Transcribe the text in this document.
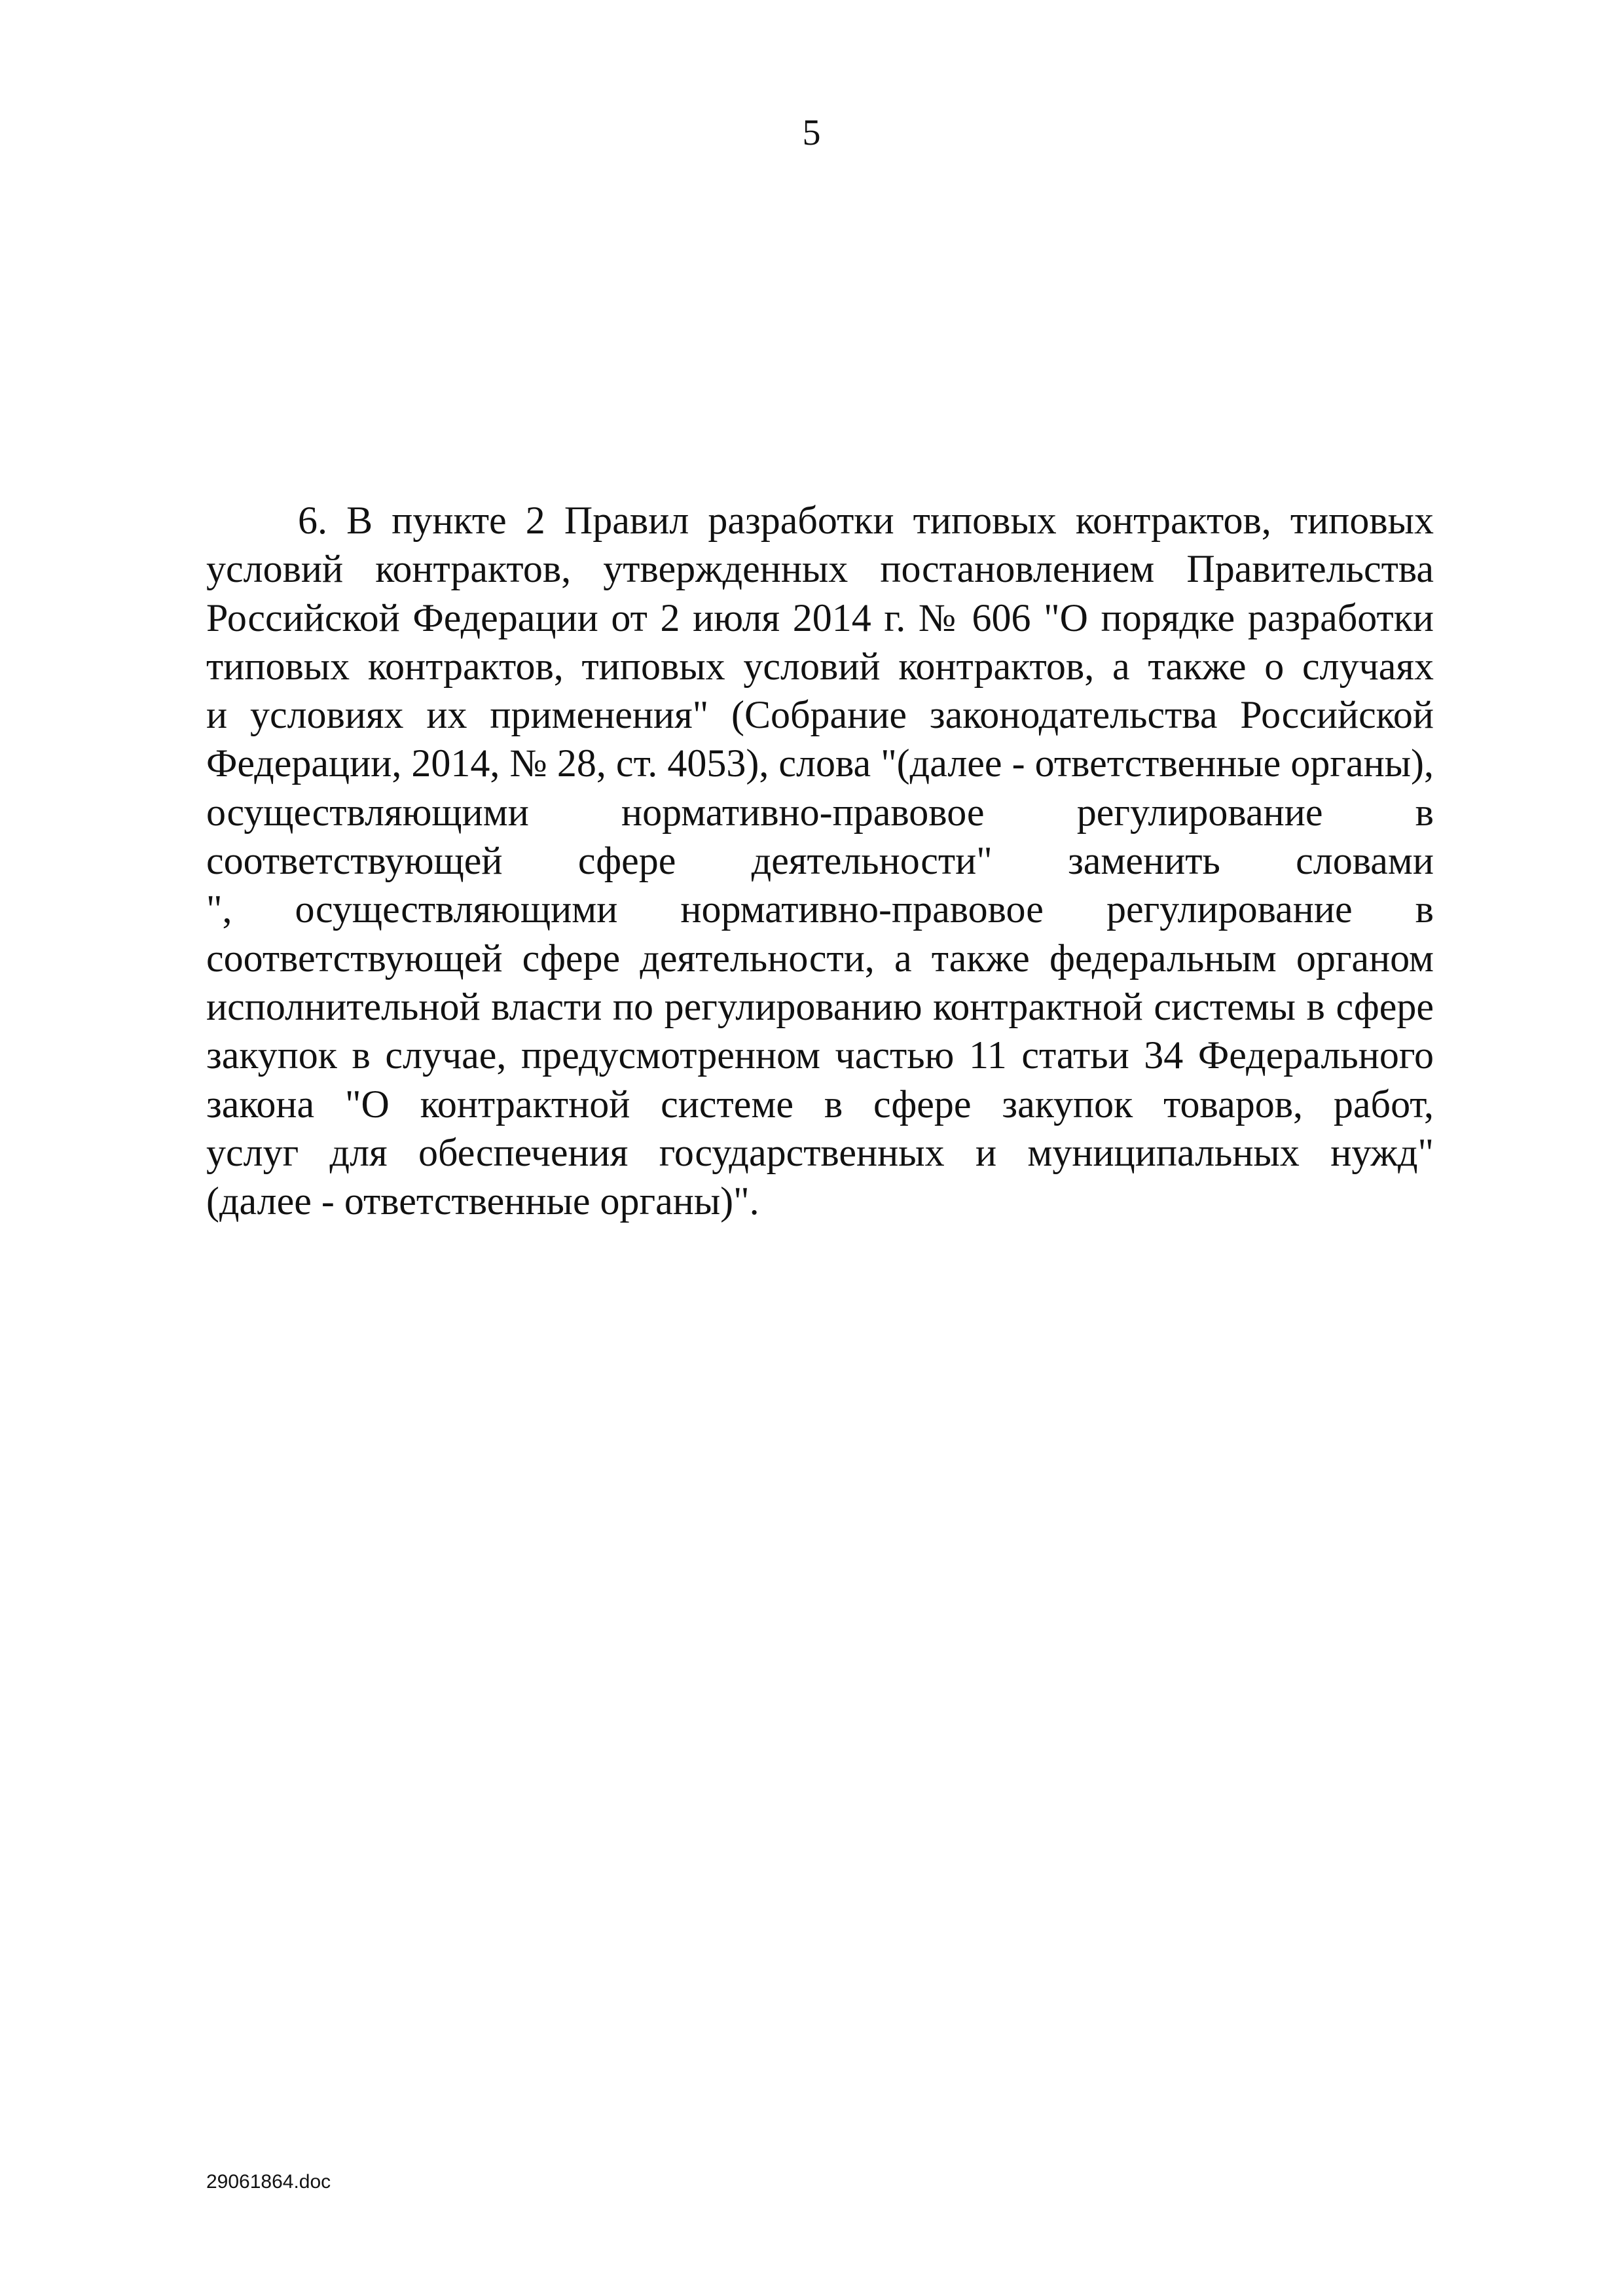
5
6. В пункте 2 Правил разработки типовых контрактов, типовых
условий контрактов, утвержденных постановлением Правительства
Российской Федерации от 2 июля 2014 г. № 606 "О порядке разработки
типовых контрактов, типовых условий контрактов, а также о случаях
и условиях их применения" (Собрание законодательства Российской
Федерации, 2014, № 28, ст. 4053), слова "(далее - ответственные органы),
осуществляющими нормативно-правовое регулирование в
соответствующей сфере деятельности" заменить словами
", осуществляющими нормативно-правовое регулирование в
соответствующей сфере деятельности, а также федеральным органом
исполнительной власти по регулированию контрактной системы в сфере
закупок в случае, предусмотренном частью 11 статьи 34 Федерального
закона "О контрактной системе в сфере закупок товаров, работ,
услуг для обеспечения государственных и муниципальных нужд"
(далее - ответственные органы)".
29061864.doc
